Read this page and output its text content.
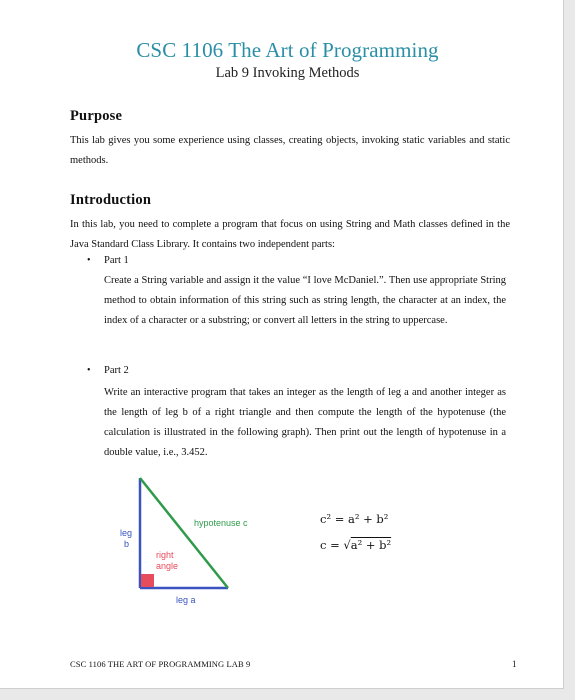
CSC 1106 The Art of Programming
Lab 9 Invoking Methods
Purpose
This lab gives you some experience using classes, creating objects, invoking static variables and static methods.
Introduction
In this lab, you need to complete a program that focus on using String and Math classes defined in the Java Standard Class Library. It contains two independent parts:
• Part 1
Create a String variable and assign it the value “I love McDaniel.”. Then use appropriate String method to obtain information of this string such as string length, the character at an index, the index of a character or a substring; or convert all letters in the string to uppercase.
• Part 2
Write an interactive program that takes an integer as the length of leg a and another integer as the length of leg b of a right triangle and then compute the length of the hypotenuse (the calculation is illustrated in the following graph). Then print out the length of hypotenuse in a double value, i.e., 3.452.
hypotenuse c
leg b
right angle
leg a
c² = a² + b²
c = √a² + b²
CSC 1106 THE ART OF PROGRAMMING LAB 9	1
